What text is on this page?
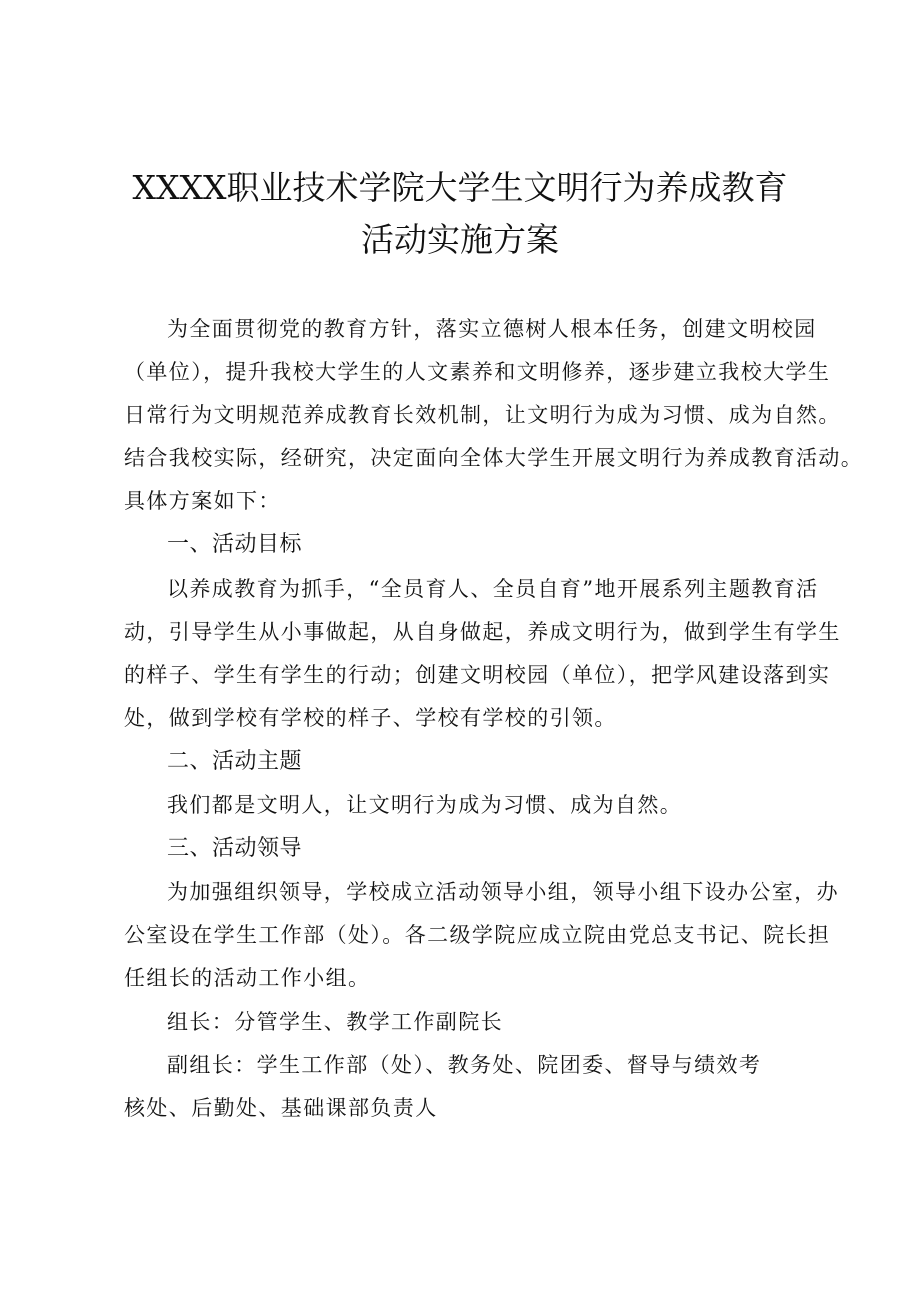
XXXX职业技术学院大学生文明行为养成教育
活动实施方案
为全面贯彻党的教育方针，落实立德树人根本任务，创建文明校园
（单位），提升我校大学生的人文素养和文明修养，逐步建立我校大学生
日常行为文明规范养成教育长效机制，让文明行为成为习惯、成为自然。
结合我校实际，经研究，决定面向全体大学生开展文明行为养成教育活动。
具体方案如下：
一、活动目标
以养成教育为抓手，“全员育人、全员自育”地开展系列主题教育活
动，引导学生从小事做起，从自身做起，养成文明行为，做到学生有学生
的样子、学生有学生的行动；创建文明校园（单位），把学风建设落到实
处，做到学校有学校的样子、学校有学校的引领。
二、活动主题
我们都是文明人，让文明行为成为习惯、成为自然。
三、活动领导
为加强组织领导，学校成立活动领导小组，领导小组下设办公室，办
公室设在学生工作部（处）。各二级学院应成立院由党总支书记、院长担
任组长的活动工作小组。
组长：分管学生、教学工作副院长
副组长：学生工作部（处）、教务处、院团委、督导与绩效考
核处、后勤处、基础课部负责人
